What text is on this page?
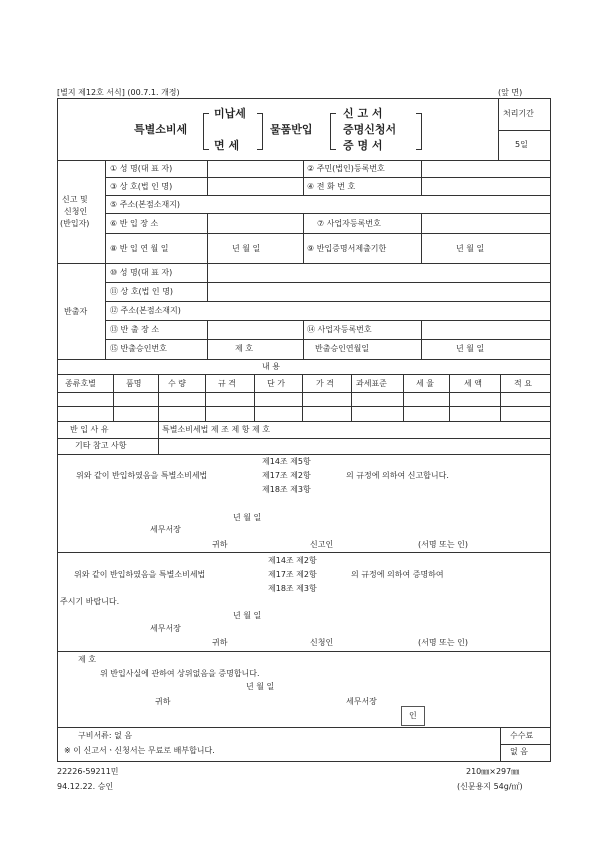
[별지 제12호 서식] (00.7.1. 개정)	(앞 면)
특별소비세
미납세
면 세
물품반입
신 고 서
증명신청서
증 명 서
처리기간
5일
신고 및
신청인
(반입자)
① 성 명(대 표 자)	② 주민(법인)등록번호
③ 상 호(법 인 명)	④ 전 화 번 호
⑤ 주소(본점소재지)
⑥ 반 입 장 소	⑦ 사업자등록번호
⑧ 반 입 연 월 일	년 월 일	⑨ 반입증명서제출기한	년 월 일
반출자
⑩ 성 명(대 표 자)
⑪ 상 호(법 인 명)
⑫ 주소(본점소재지)
⑬ 반 출 장 소	⑭ 사업자등록번호
⑮ 반출승인번호	제 호	반출승인연월일	년 월 일
내 용
종류호별	품명	수 량	규 격	단 가	가 격	과세표준	세 율	세 액	적 요
반 입 사 유	특별소비세법 제 조 제 항 제 호
기타 참고 사항
제14조 제5항
위와 같이 반입하였음을 특별소비세법	제17조 제2항	의 규정에 의하여 신고합니다.
제18조 제3항
년 월 일
세무서장
귀하	신고인	(서명 또는 인)
제14조 제2항
위와 같이 반입하였음을 특별소비세법	제17조 제2항	의 규정에 의하여 증명하여
제18조 제3항
주시기 바랍니다.
년 월 일
세무서장
귀하	신청인	(서명 또는 인)
제 호
위 반입사실에 관하여 상위없음을 증명합니다.
년 월 일
귀하	세무서장
인
구비서류: 없 음
※ 이 신고서ㆍ신청서는 무료로 배부합니다.
수수료
없 음
22226-59211민
94.12.22. 승인
210㎜×297㎜
(신문용지 54g/㎡)
